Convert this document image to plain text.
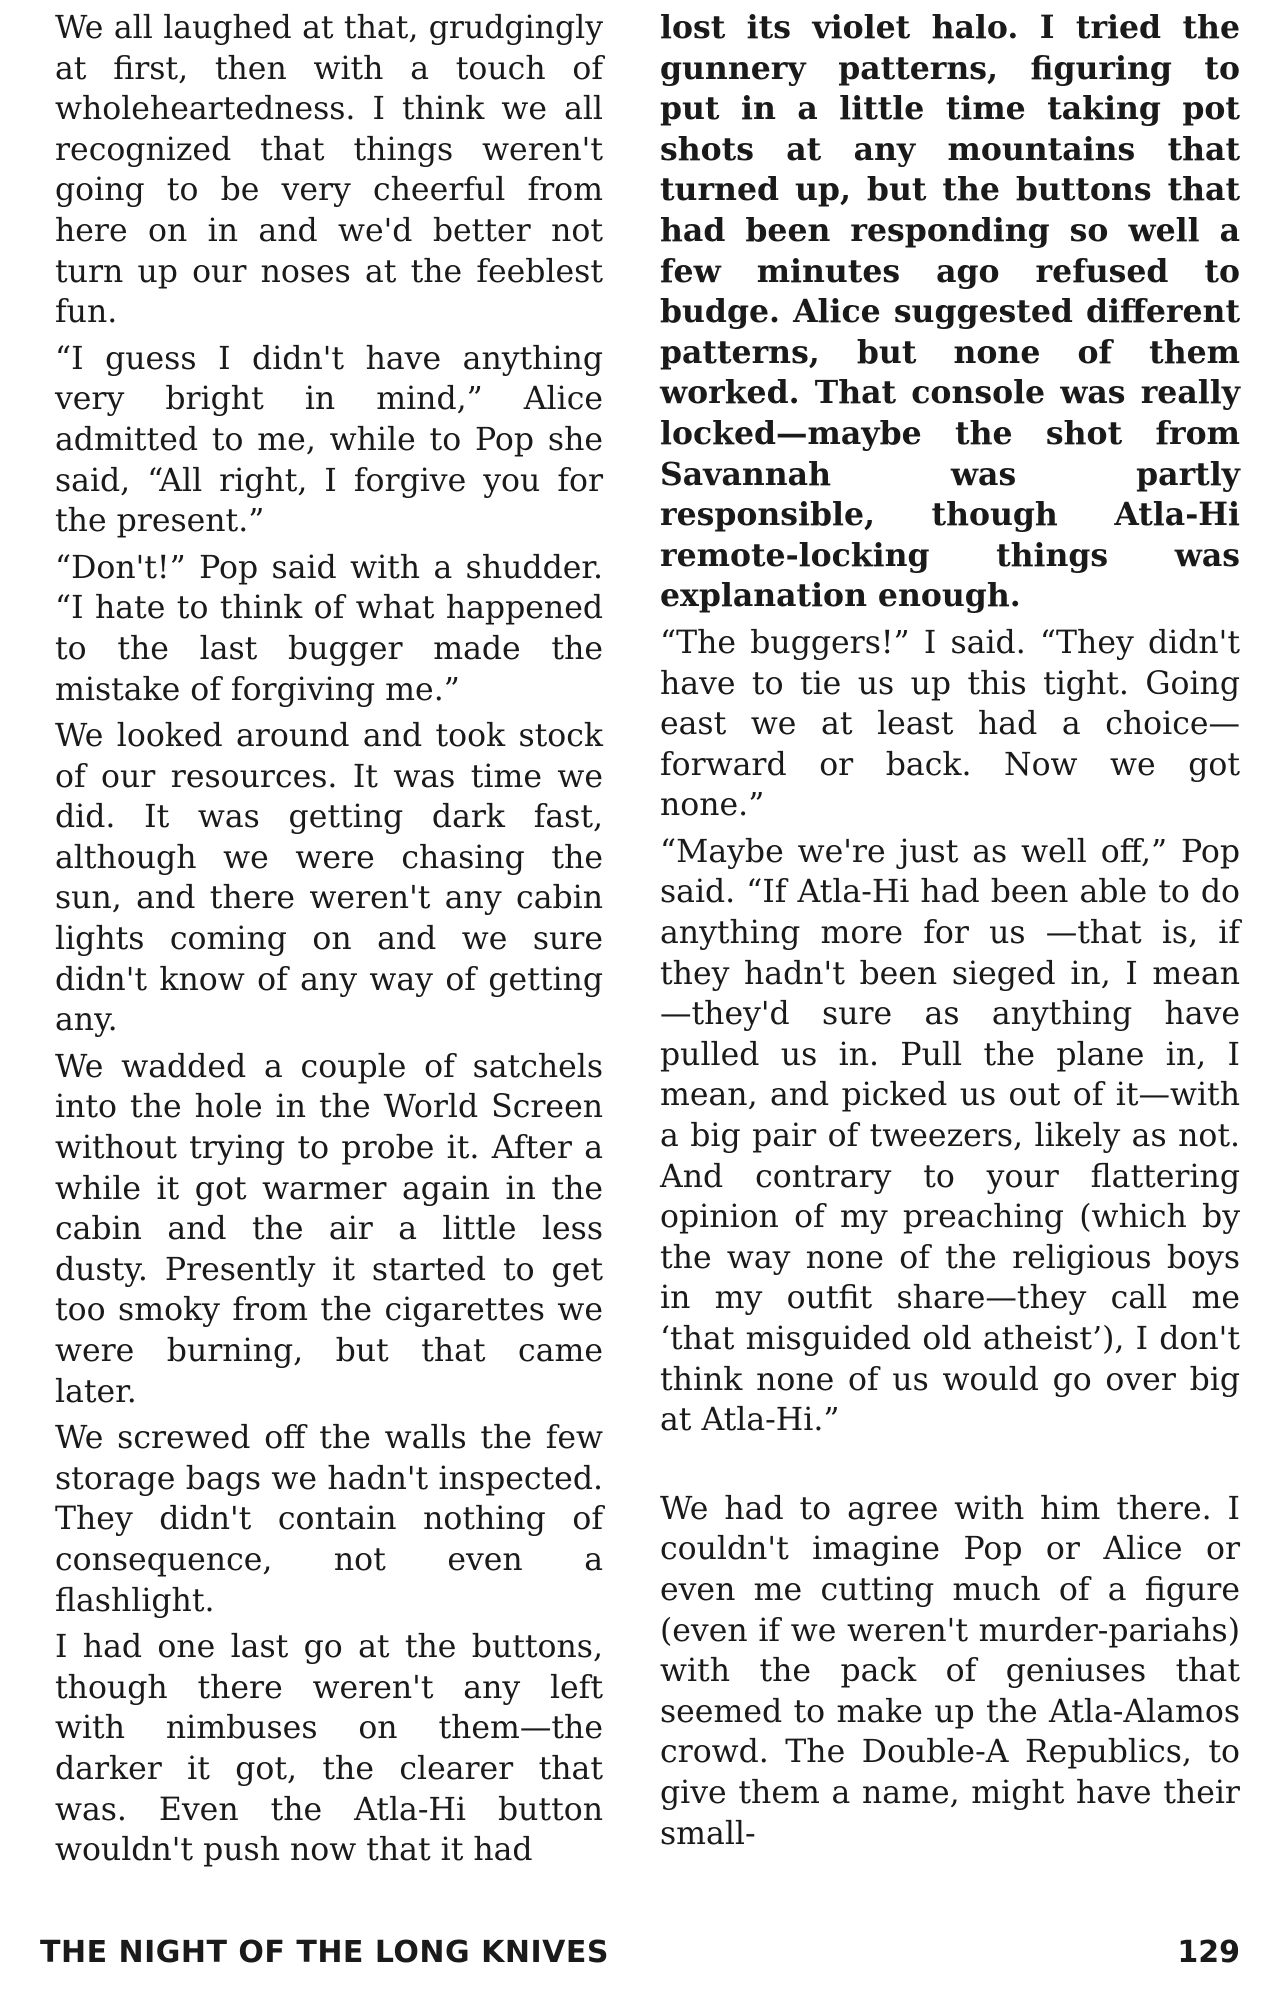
We all laughed at that, grudgingly at first, then with a touch of wholeheartedness. I think we all recognized that things weren't going to be very cheerful from here on in and we'd better not turn up our noses at the feeblest fun.

“I guess I didn't have anything very bright in mind,” Alice admitted to me, while to Pop she said, “All right, I forgive you for the present.”

“Don't!” Pop said with a shudder. “I hate to think of what happened to the last bugger made the mistake of forgiving me.”

We looked around and took stock of our resources. It was time we did. It was getting dark fast, although we were chasing the sun, and there weren't any cabin lights coming on and we sure didn't know of any way of getting any.

We wadded a couple of satchels into the hole in the World Screen without trying to probe it. After a while it got warmer again in the cabin and the air a little less dusty. Presently it started to get too smoky from the cigarettes we were burning, but that came later.

We screwed off the walls the few storage bags we hadn't inspected. They didn't contain nothing of consequence, not even a flashlight.

I had one last go at the buttons, though there weren't any left with nimbuses on them—the darker it got, the clearer that was. Even the Atla-Hi button wouldn't push now that it had

lost its violet halo. I tried the gunnery patterns, figuring to put in a little time taking pot shots at any mountains that turned up, but the buttons that had been responding so well a few minutes ago refused to budge. Alice suggested different patterns, but none of them worked. That console was really locked—maybe the shot from Savannah was partly responsible, though Atla-Hi remote-locking things was explanation enough.

“The buggers!” I said. “They didn't have to tie us up this tight. Going east we at least had a choice—forward or back. Now we got none.”

“Maybe we're just as well off,” Pop said. “If Atla-Hi had been able to do anything more for us —that is, if they hadn't been sieged in, I mean—they'd sure as anything have pulled us in. Pull the plane in, I mean, and picked us out of it—with a big pair of tweezers, likely as not. And contrary to your flattering opinion of my preaching (which by the way none of the religious boys in my outfit share—they call me ‘that misguided old atheist’), I don't think none of us would go over big at Atla-Hi.”

We had to agree with him there. I couldn't imagine Pop or Alice or even me cutting much of a figure (even if we weren't murder-pariahs) with the pack of geniuses that seemed to make up the Atla-Alamos crowd. The Double-A Republics, to give them a name, might have their small-

THE NIGHT OF THE LONG KNIVES	129
